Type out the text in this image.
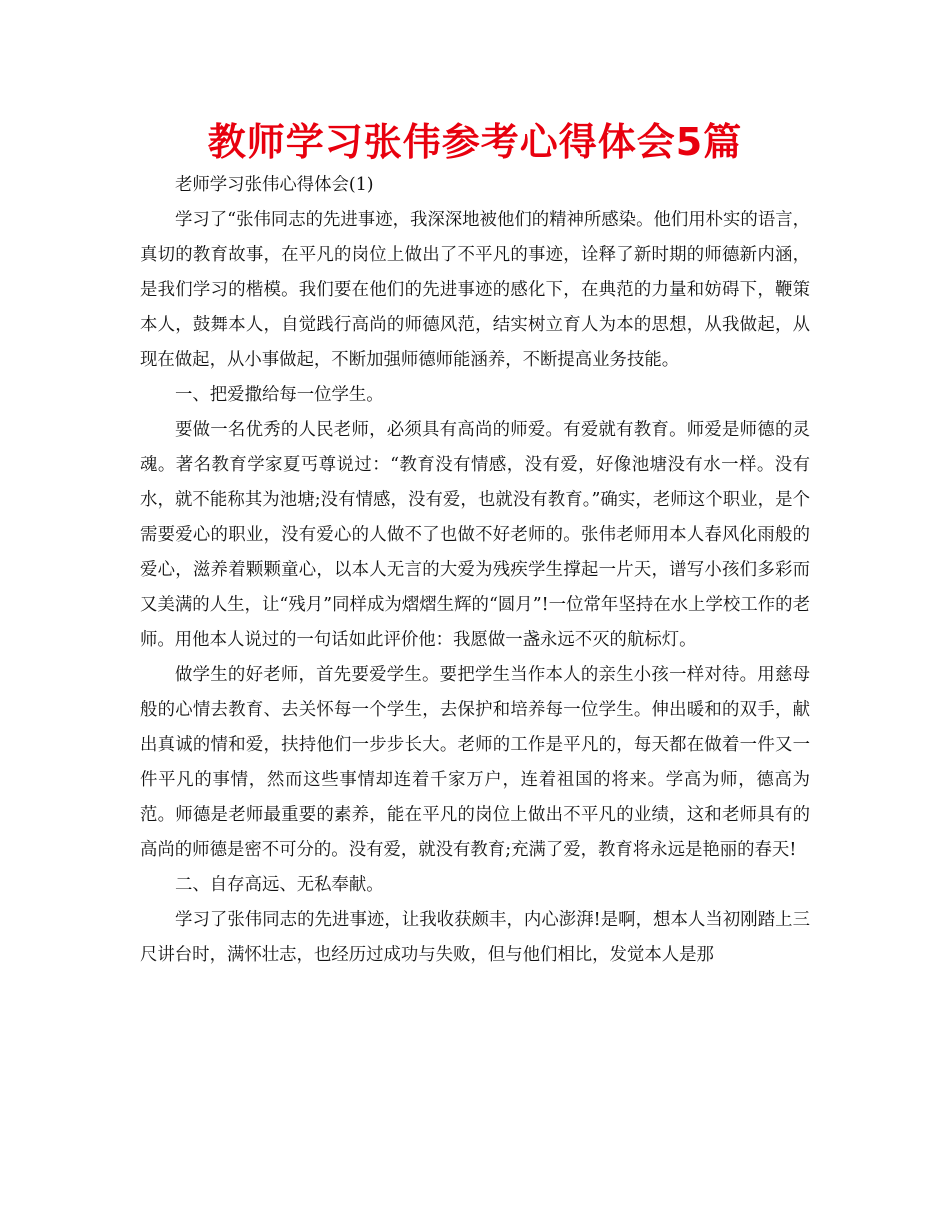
教师学习张伟参考心得体会5篇

老师学习张伟心得体会(1)

学习了“张伟同志的先进事迹，我深深地被他们的精神所感染。他们用朴实的语言，真切的教育故事，在平凡的岗位上做出了不平凡的事迹，诠释了新时期的师德新内涵，是我们学习的楷模。我们要在他们的先进事迹的感化下，在典范的力量和妨碍下，鞭策本人，鼓舞本人，自觉践行高尚的师德风范，结实树立育人为本的思想，从我做起，从现在做起，从小事做起，不断加强师德师能涵养，不断提高业务技能。

一、把爱撒给每一位学生。

要做一名优秀的人民老师，必须具有高尚的师爱。有爱就有教育。师爱是师德的灵魂。著名教育学家夏丐尊说过：“教育没有情感，没有爱，好像池塘没有水一样。没有水，就不能称其为池塘;没有情感，没有爱，也就没有教育。”确实，老师这个职业，是个需要爱心的职业，没有爱心的人做不了也做不好老师的。张伟老师用本人春风化雨般的爱心，滋养着颗颗童心，以本人无言的大爱为残疾学生撑起一片天，谱写小孩们多彩而又美满的人生，让“残月”同样成为熠熠生辉的“圆月”!一位常年坚持在水上学校工作的老师。用他本人说过的一句话如此评价他：我愿做一盏永远不灭的航标灯。

做学生的好老师，首先要爱学生。要把学生当作本人的亲生小孩一样对待。用慈母般的心情去教育、去关怀每一个学生，去保护和培养每一位学生。伸出暖和的双手，献出真诚的情和爱，扶持他们一步步长大。老师的工作是平凡的，每天都在做着一件又一件平凡的事情，然而这些事情却连着千家万户，连着祖国的将来。学高为师，德高为范。师德是老师最重要的素养，能在平凡的岗位上做出不平凡的业绩，这和老师具有的高尚的师德是密不可分的。没有爱，就没有教育;充满了爱，教育将永远是艳丽的春天!

二、自存高远、无私奉献。

学习了张伟同志的先进事迹，让我收获颇丰，内心澎湃!是啊，想本人当初刚踏上三尺讲台时，满怀壮志，也经历过成功与失败，但与他们相比，发觉本人是那
